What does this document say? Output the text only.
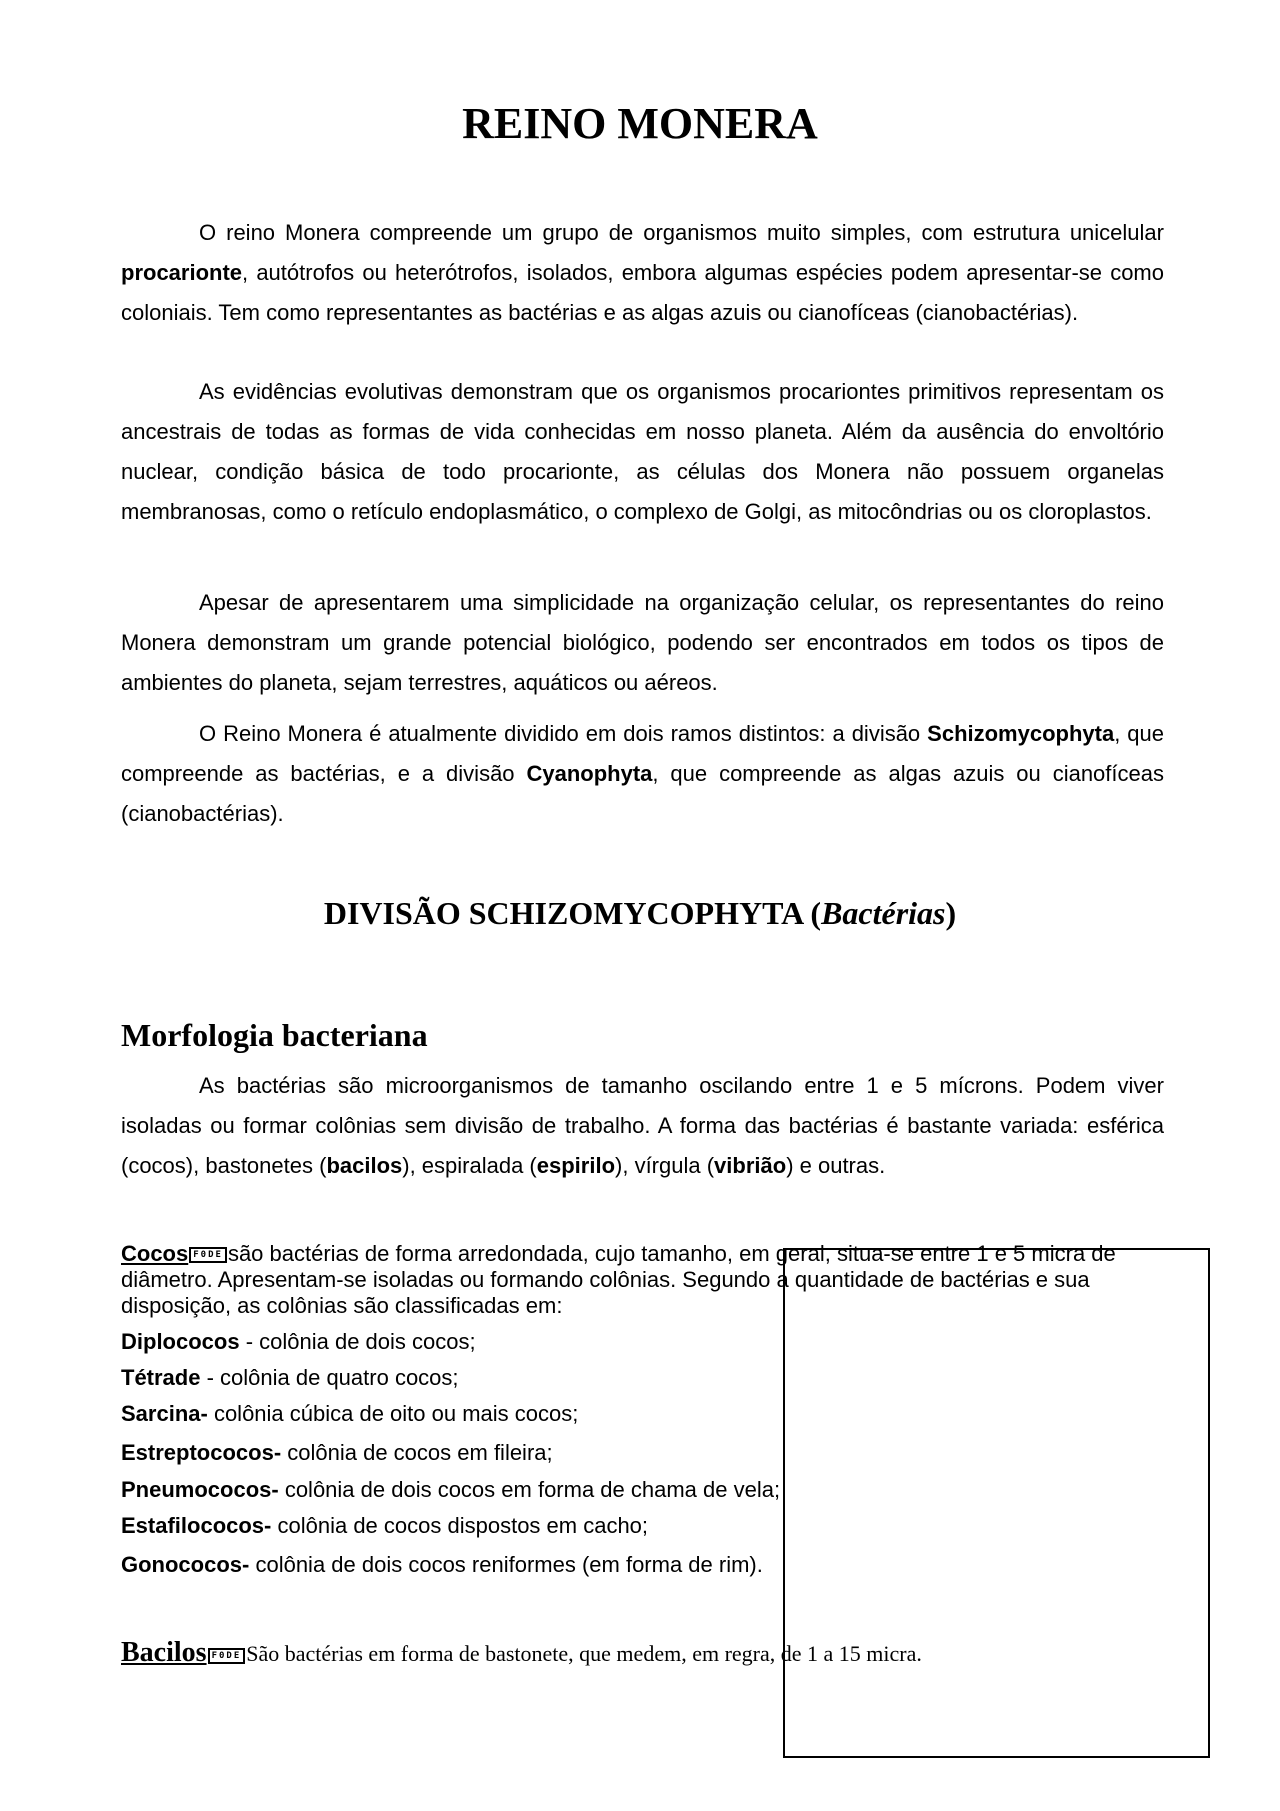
REINO MONERA

O reino Monera compreende um grupo de organismos muito simples, com estrutura unicelular procarionte, autótrofos ou heterótrofos, isolados, embora algumas espécies podem apresentar-se como coloniais. Tem como representantes as bactérias e as algas azuis ou cianofíceas (cianobactérias).

As evidências evolutivas demonstram que os organismos procariontes primitivos representam os ancestrais de todas as formas de vida conhecidas em nosso planeta. Além da ausência do envoltório nuclear, condição básica de todo procarionte, as células dos Monera não possuem organelas membranosas, como o retículo endoplasmático, o complexo de Golgi, as mitocôndrias ou os cloroplastos.

Apesar de apresentarem uma simplicidade na organização celular, os representantes do reino Monera demonstram um grande potencial biológico, podendo ser encontrados em todos os tipos de ambientes do planeta, sejam terrestres, aquáticos ou aéreos.

O Reino Monera é atualmente dividido em dois ramos distintos: a divisão Schizomycophyta, que compreende as bactérias, e a divisão Cyanophyta, que compreende as algas azuis ou cianofíceas (cianobactérias).

DIVISÃO SCHIZOMYCOPHYTA (Bactérias)
Morfologia bacteriana

As bactérias são microorganismos de tamanho oscilando entre 1 e 5 mícrons. Podem viver isoladas ou formar colônias sem divisão de trabalho. A forma das bactérias é bastante variada: esférica (cocos), bastonetes (bacilos), espiralada (espirilo), vírgula (vibrião) e outras.

Cocos F0DE são bactérias de forma arredondada, cujo tamanho, em geral, situa-se entre 1 e 5 micra de diâmetro. Apresentam-se isoladas ou formando colônias. Segundo a quantidade de bactérias e sua disposição, as colônias são classificadas em:

Diplococos - colônia de dois cocos;
Tétrade - colônia de quatro cocos;
Sarcina- colônia cúbica de oito ou mais cocos;
Estreptococos- colônia de cocos em fileira;
Pneumococos- colônia de dois cocos em forma de chama de vela;
Estafilococos- colônia de cocos dispostos em cacho;
Gonococos- colônia de dois cocos reniformes (em forma de rim).

Bacilos F0DE São bactérias em forma de bastonete, que medem, em regra, de 1 a 15 micra.
